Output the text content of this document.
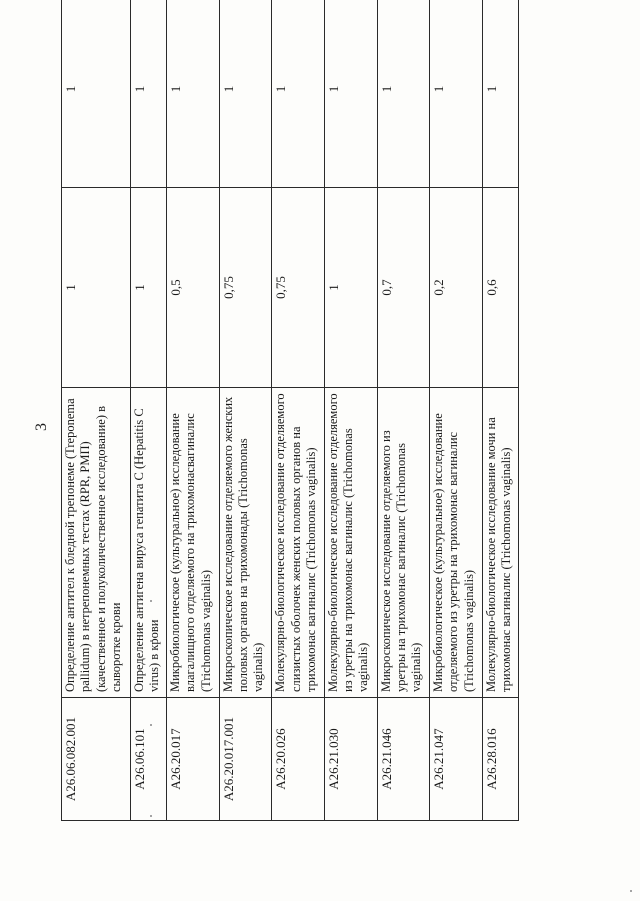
3
A26.06.082.001	Определение антител к бледной трепонеме (Treponema pallidum) в нетрепонемных тестах (RPR, РМП) (качественное и полуколичественное исследование) в сыворотке крови	1	1
A26.06.101	Определение антигена вируса гепатита C (Hepatitis C virus) в крови	1	1
A26.20.017	Микробиологическое (культуральное) исследование влагалищного отделяемого на трихомонасвагиналис (Trichomonas vaginalis)	0,5	1
A26.20.017.001	Микроскопическое исследование отделяемого женских половых органов на трихомонады (Trichomonas vaginalis)	0,75	1
A26.20.026	Молекулярно-биологическое исследование отделяемого слизистых оболочек женских половых органов на трихомонас вагиналис (Trichomonas vaginalis)	0,75	1
A26.21.030	Молекулярно-биологическое исследование отделяемого из уретры на трихомонас вагиналис (Trichomonas vaginalis)	1	1
A26.21.046	Микроскопическое исследование отделяемого из уретры на трихомонас вагиналис (Trichomonas vaginalis)	0,7	1
A26.21.047	Микробиологическое (культуральное) исследование отделяемого из уретры на трихомонас вагиналис (Trichomonas vaginalis)	0,2	1
A26.28.016	Молекулярно-биологическое исследование мочи на трихомонас вагиналис (Trichomonas vaginalis)	0,6	1
